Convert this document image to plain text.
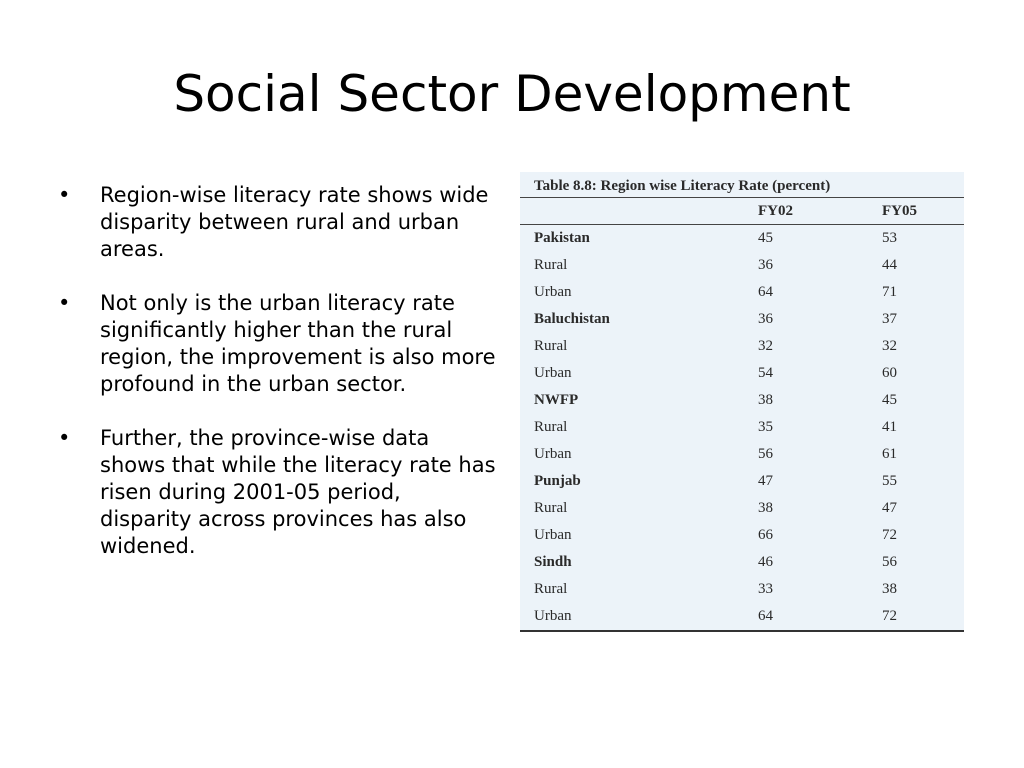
Social Sector Development
•	Region-wise literacy rate shows wide disparity between rural and urban areas.
•	Not only is the urban literacy rate significantly higher than the rural region, the improvement is also more profound in the urban sector.
•	Further, the province-wise data shows that while the literacy rate has risen during 2001-05 period, disparity across provinces has also widened.
Table 8.8: Region wise Literacy Rate (percent)
	FY02	FY05
Pakistan	45	53
Rural	36	44
Urban	64	71
Baluchistan	36	37
Rural	32	32
Urban	54	60
NWFP	38	45
Rural	35	41
Urban	56	61
Punjab	47	55
Rural	38	47
Urban	66	72
Sindh	46	56
Rural	33	38
Urban	64	72
